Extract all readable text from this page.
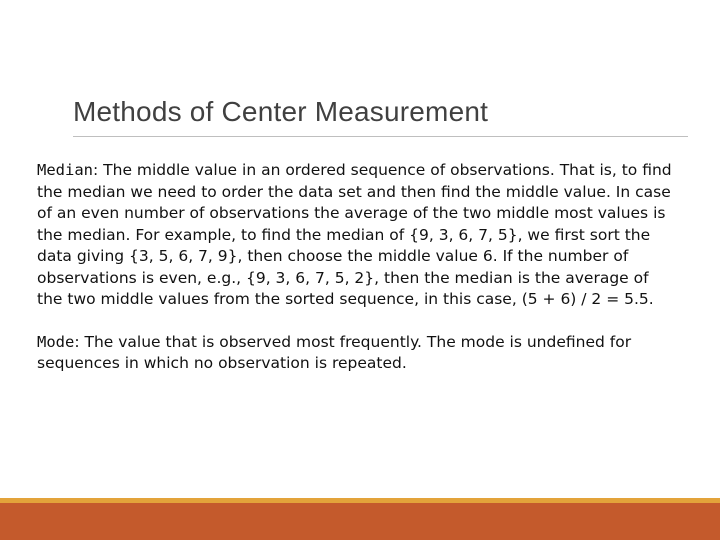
Methods of Center Measurement

Median: The middle value in an ordered sequence of observations. That is, to find the median we need to order the data set and then find the middle value. In case of an even number of observations the average of the two middle most values is the median. For example, to find the median of {9, 3, 6, 7, 5}, we first sort the data giving {3, 5, 6, 7, 9}, then choose the middle value 6. If the number of observations is even, e.g., {9, 3, 6, 7, 5, 2}, then the median is the average of the two middle values from the sorted sequence, in this case, (5 + 6) / 2 = 5.5.

Mode: The value that is observed most frequently. The mode is undefined for sequences in which no observation is repeated.
